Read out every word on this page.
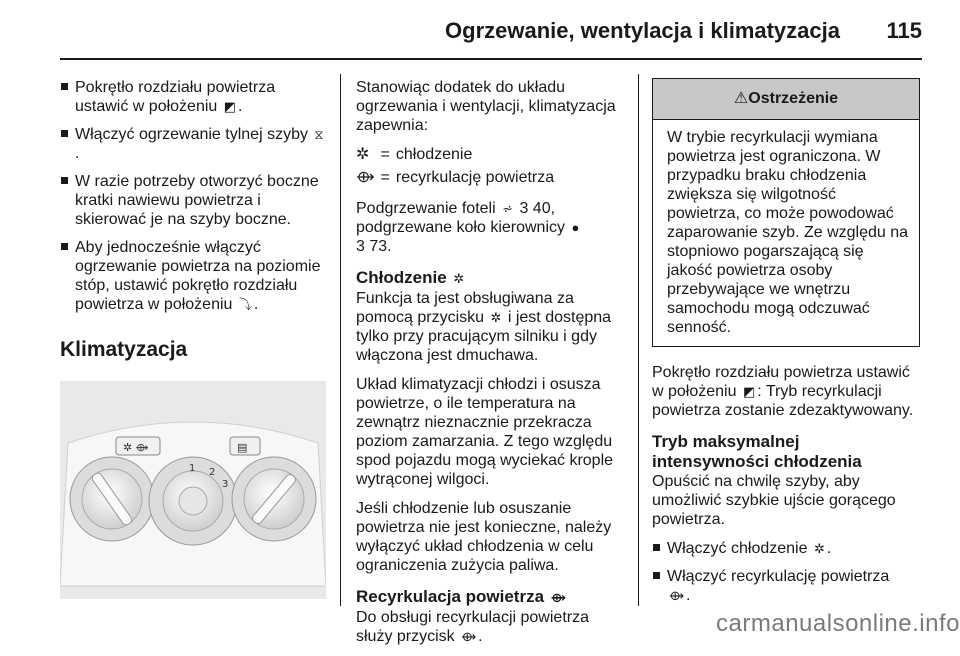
Ogrzewanie, wentylacja i klimatyzacja 115
Pokrętło rozdziału powietrza ustawić w położeniu ◩ .
Włączyć ogrzewanie tylnej szyby ⧖.
W razie potrzeby otworzyć boczne kratki nawiewu powietrza i skierować je na szyby boczne.
Aby jednocześnie włączyć ogrzewanie powietrza na poziomie stóp, ustawić pokrętło rozdziału powietrza w położeniu ⤵ .
Klimatyzacja
✲ ⟴	▤
1 2
3

Stanowiąc dodatek do układu ogrzewania i wentylacji, klimatyzacja zapewnia:

✲	=	chłodzenie
⟴	=	recyrkulację powietrza

Podgrzewanie foteli ⩫ 3 40,
podgrzewane koło kierownicy ●
3 73.

Chłodzenie ✲

Funkcja ta jest obsługiwana za pomocą przycisku ✲ i jest dostępna tylko przy pracującym silniku i gdy włączona jest dmuchawa.

Układ klimatyzacji chłodzi i osusza powietrze, o ile temperatura na zewnątrz nieznacznie przekracza poziom zamarzania. Z tego względu spod pojazdu mogą wyciekać krople wytrąconej wilgoci.

Jeśli chłodzenie lub osuszanie powietrza nie jest konieczne, należy wyłączyć układ chłodzenia w celu ograniczenia zużycia paliwa.

Recyrkulacja powietrza ⟴

Do obsługi recyrkulacji powietrza służy przycisk ⟴ .

⚠Ostrzeżenie
W trybie recyrkulacji wymiana powietrza jest ograniczona. W przypadku braku chłodzenia zwiększa się wilgotność powietrza, co może powodować zaparowanie szyb. Ze względu na stopniowo pogarszającą się jakość powietrza osoby przebywające we wnętrzu samochodu mogą odczuwać senność.

Pokrętło rozdziału powietrza ustawić w położeniu ◩ : Tryb recyrkulacji powietrza zostanie zdezaktywowany.

Tryb maksymalnej intensywności chłodzenia

Opuścić na chwilę szyby, aby umożliwić szybkie ujście gorącego powietrza.

Włączyć chłodzenie ✲ .
Włączyć recyrkulację powietrza
⟴ .
carmanualsonline.info
